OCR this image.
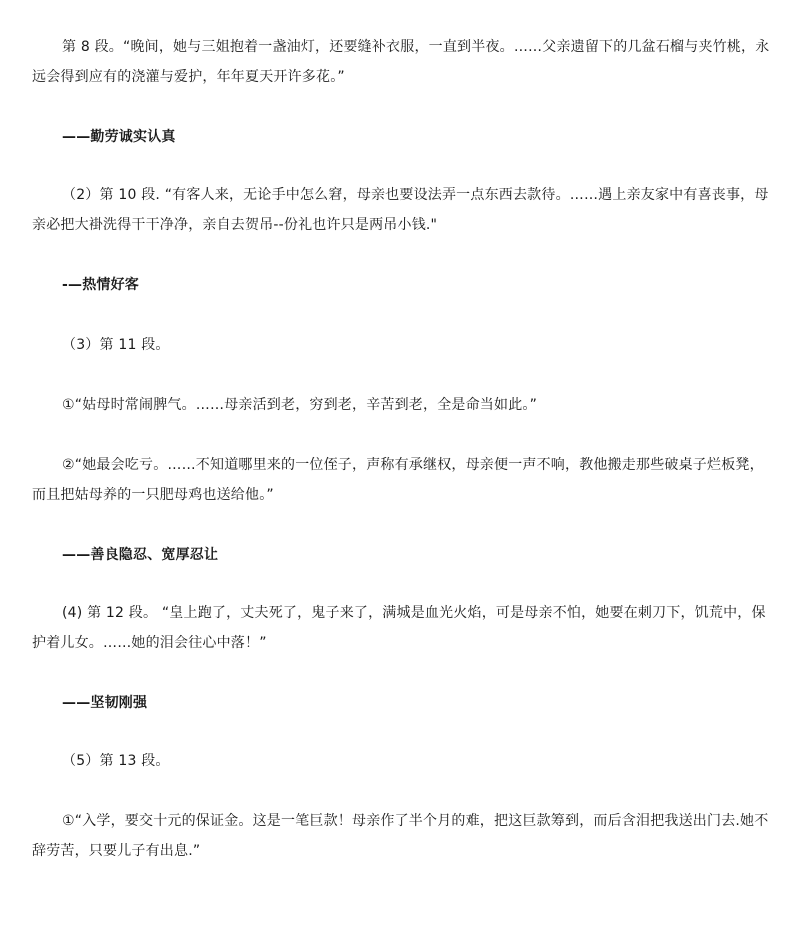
第 8 段。“晚间，她与三姐抱着一盏油灯，还要缝补衣服，一直到半夜。……父亲遗留下的几盆石榴与夹竹桃，永远会得到应有的浇灌与爱护，年年夏天开许多花。”
——勤劳诚实认真
（2）第 10 段. “有客人来，无论手中怎么窘，母亲也要设法弄一点东西去款待。……遇上亲友家中有喜丧事，母亲必把大褂洗得干干净净，亲自去贺吊--份礼也许只是两吊小钱."
-—热情好客
（3）第 11 段。
①“姑母时常闹脾气。……母亲活到老，穷到老，辛苦到老，全是命当如此。”
②“她最会吃亏。……不知道哪里来的一位侄子，声称有承继权，母亲便一声不响，教他搬走那些破桌子烂板凳，而且把姑母养的一只肥母鸡也送给他。”
——善良隐忍、宽厚忍让
(4) 第 12 段。 “皇上跑了，丈夫死了，鬼子来了，满城是血光火焰，可是母亲不怕，她要在刺刀下，饥荒中，保护着儿女。……她的泪会往心中落！”
——坚韧刚强
（5）第 13 段。
①“入学，要交十元的保证金。这是一笔巨款！母亲作了半个月的难，把这巨款筹到，而后含泪把我送出门去.她不辞劳苦，只要儿子有出息.”
